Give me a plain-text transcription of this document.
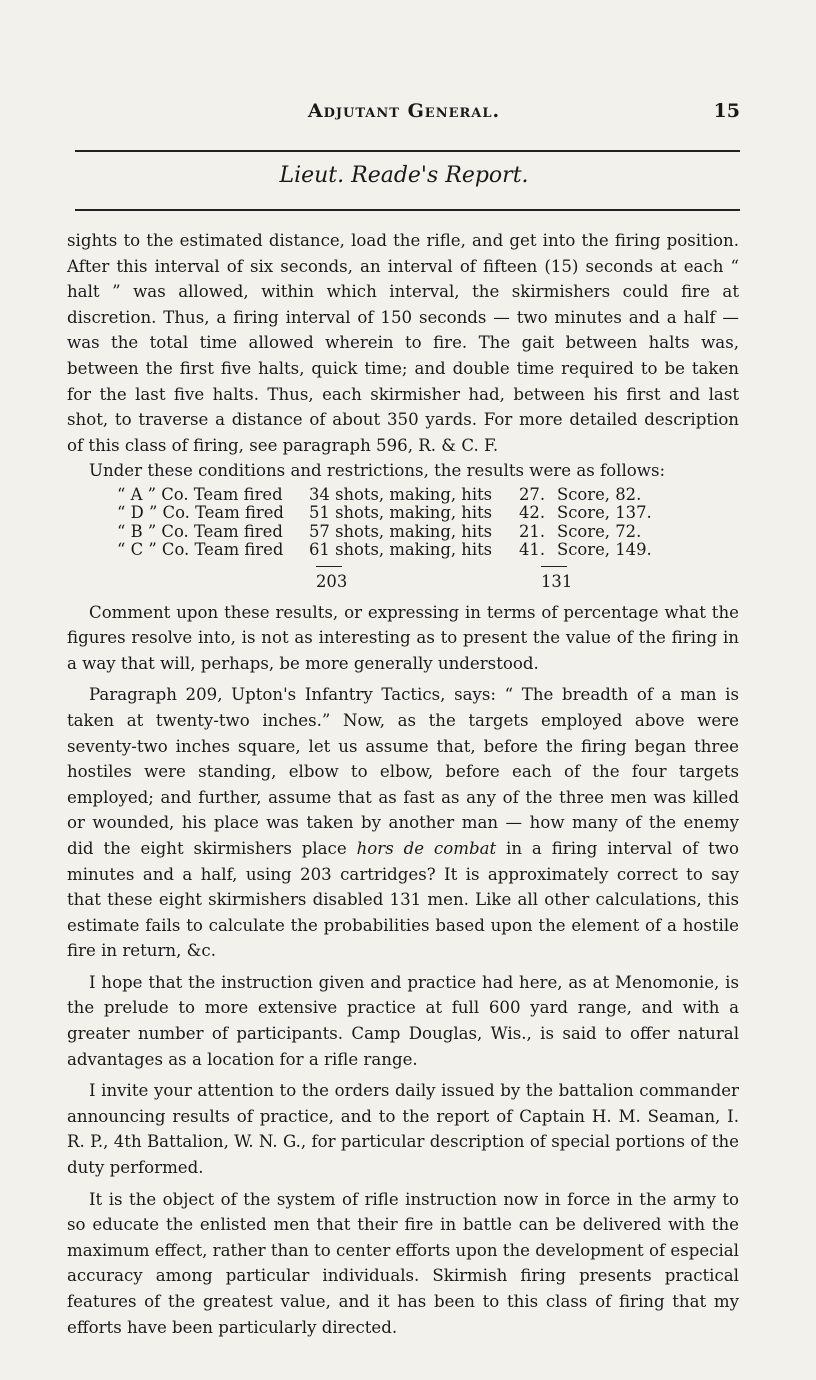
Adjutant General.	15
Lieut. Reade's Report.

sights to the estimated distance, load the rifle, and get into the firing position. After this interval of six seconds, an interval of fifteen (15) seconds at each “ halt ” was allowed, within which interval, the skirmishers could fire at discretion. Thus, a firing interval of 150 seconds — two minutes and a half — was the total time allowed wherein to fire. The gait between halts was, between the first five halts, quick time; and double time required to be taken for the last five halts. Thus, each skirmisher had, between his first and last shot, to traverse a distance of about 350 yards. For more detailed description of this class of firing, see paragraph 596, R. & C. F.

Under these conditions and restrictions, the results were as follows:

“ A ” Co. Team fired	34 shots, making, hits	27. Score, 82.
“ D ” Co. Team fired	51 shots, making, hits	42. Score, 137.
“ B ” Co. Team fired	57 shots, making, hits	21. Score, 72.
“ C ” Co. Team fired	61 shots, making, hits	41. Score, 149.
203	131

Comment upon these results, or expressing in terms of percentage what the figures resolve into, is not as interesting as to present the value of the firing in a way that will, perhaps, be more generally understood.

Paragraph 209, Upton's Infantry Tactics, says: “ The breadth of a man is taken at twenty-two inches.” Now, as the targets employed above were seventy-two inches square, let us assume that, before the firing began three hostiles were standing, elbow to elbow, before each of the four targets employed; and further, assume that as fast as any of the three men was killed or wounded, his place was taken by another man — how many of the enemy did the eight skirmishers place hors de combat in a firing interval of two minutes and a half, using 203 cartridges? It is approximately correct to say that these eight skirmishers disabled 131 men. Like all other calculations, this estimate fails to calculate the probabilities based upon the element of a hostile fire in return, &c.

I hope that the instruction given and practice had here, as at Menomonie, is the prelude to more extensive practice at full 600 yard range, and with a greater number of participants. Camp Douglas, Wis., is said to offer natural advantages as a location for a rifle range.

I invite your attention to the orders daily issued by the battalion commander announcing results of practice, and to the report of Captain H. M. Seaman, I. R. P., 4th Battalion, W. N. G., for particular description of special portions of the duty performed.

It is the object of the system of rifle instruction now in force in the army to so educate the enlisted men that their fire in battle can be delivered with the maximum effect, rather than to center efforts upon the development of especial accuracy among particular individuals. Skirmish firing presents practical features of the greatest value, and it has been to this class of firing that my efforts have been particularly directed.
